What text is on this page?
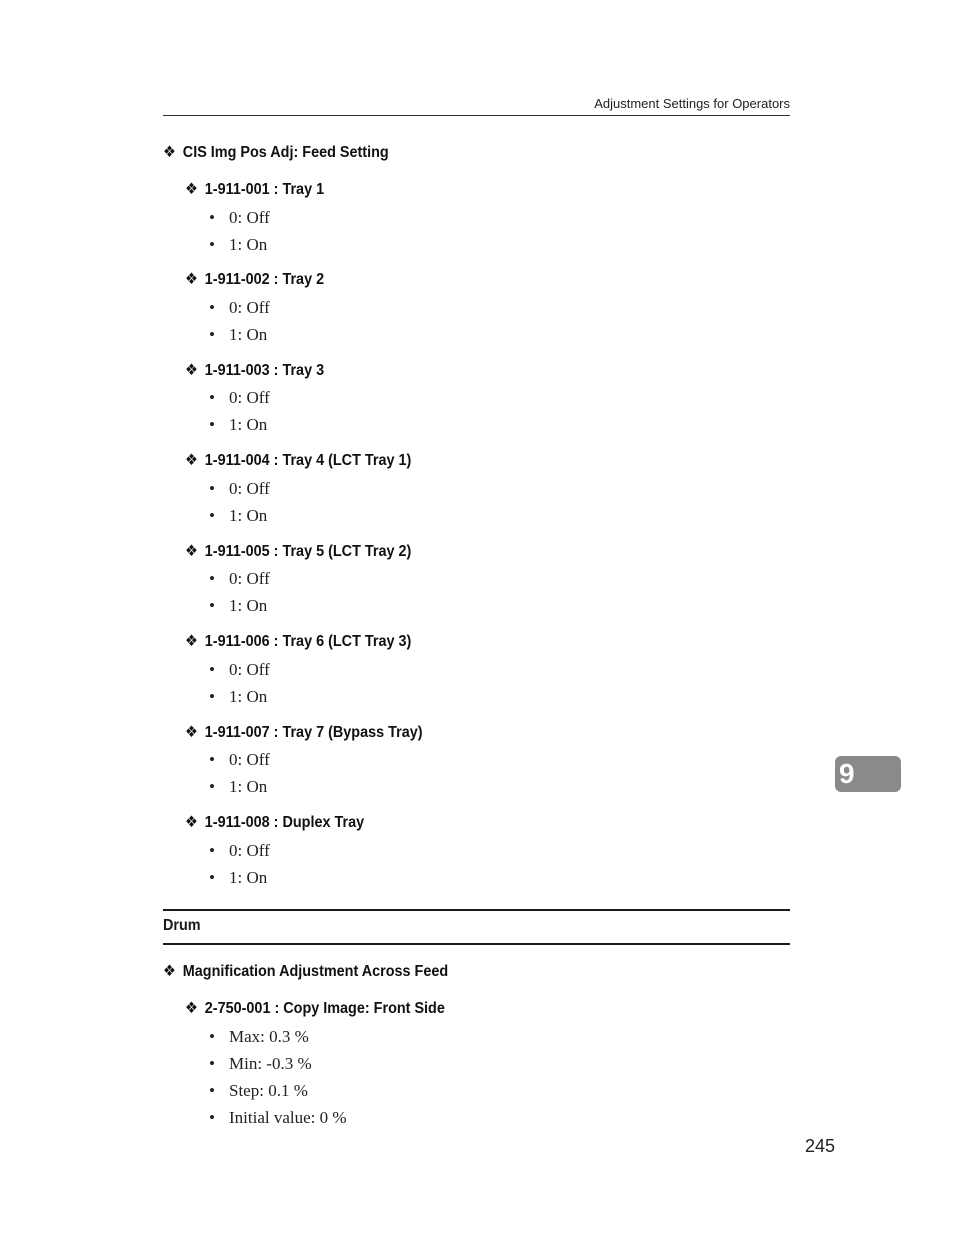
Adjustment Settings for Operators
❖ CIS Img Pos Adj: Feed Setting
❖ 1-911-001 : Tray 1
• 0: Off
• 1: On
❖ 1-911-002 : Tray 2
• 0: Off
• 1: On
❖ 1-911-003 : Tray 3
• 0: Off
• 1: On
❖ 1-911-004 : Tray 4 (LCT Tray 1)
• 0: Off
• 1: On
❖ 1-911-005 : Tray 5 (LCT Tray 2)
• 0: Off
• 1: On
❖ 1-911-006 : Tray 6 (LCT Tray 3)
• 0: Off
• 1: On
❖ 1-911-007 : Tray 7 (Bypass Tray)
• 0: Off
• 1: On
❖ 1-911-008 : Duplex Tray
• 0: Off
• 1: On
Drum
❖ Magnification Adjustment Across Feed
❖ 2-750-001 : Copy Image: Front Side
• Max: 0.3 %
• Min: -0.3 %
• Step: 0.1 %
• Initial value: 0 %
9
245
